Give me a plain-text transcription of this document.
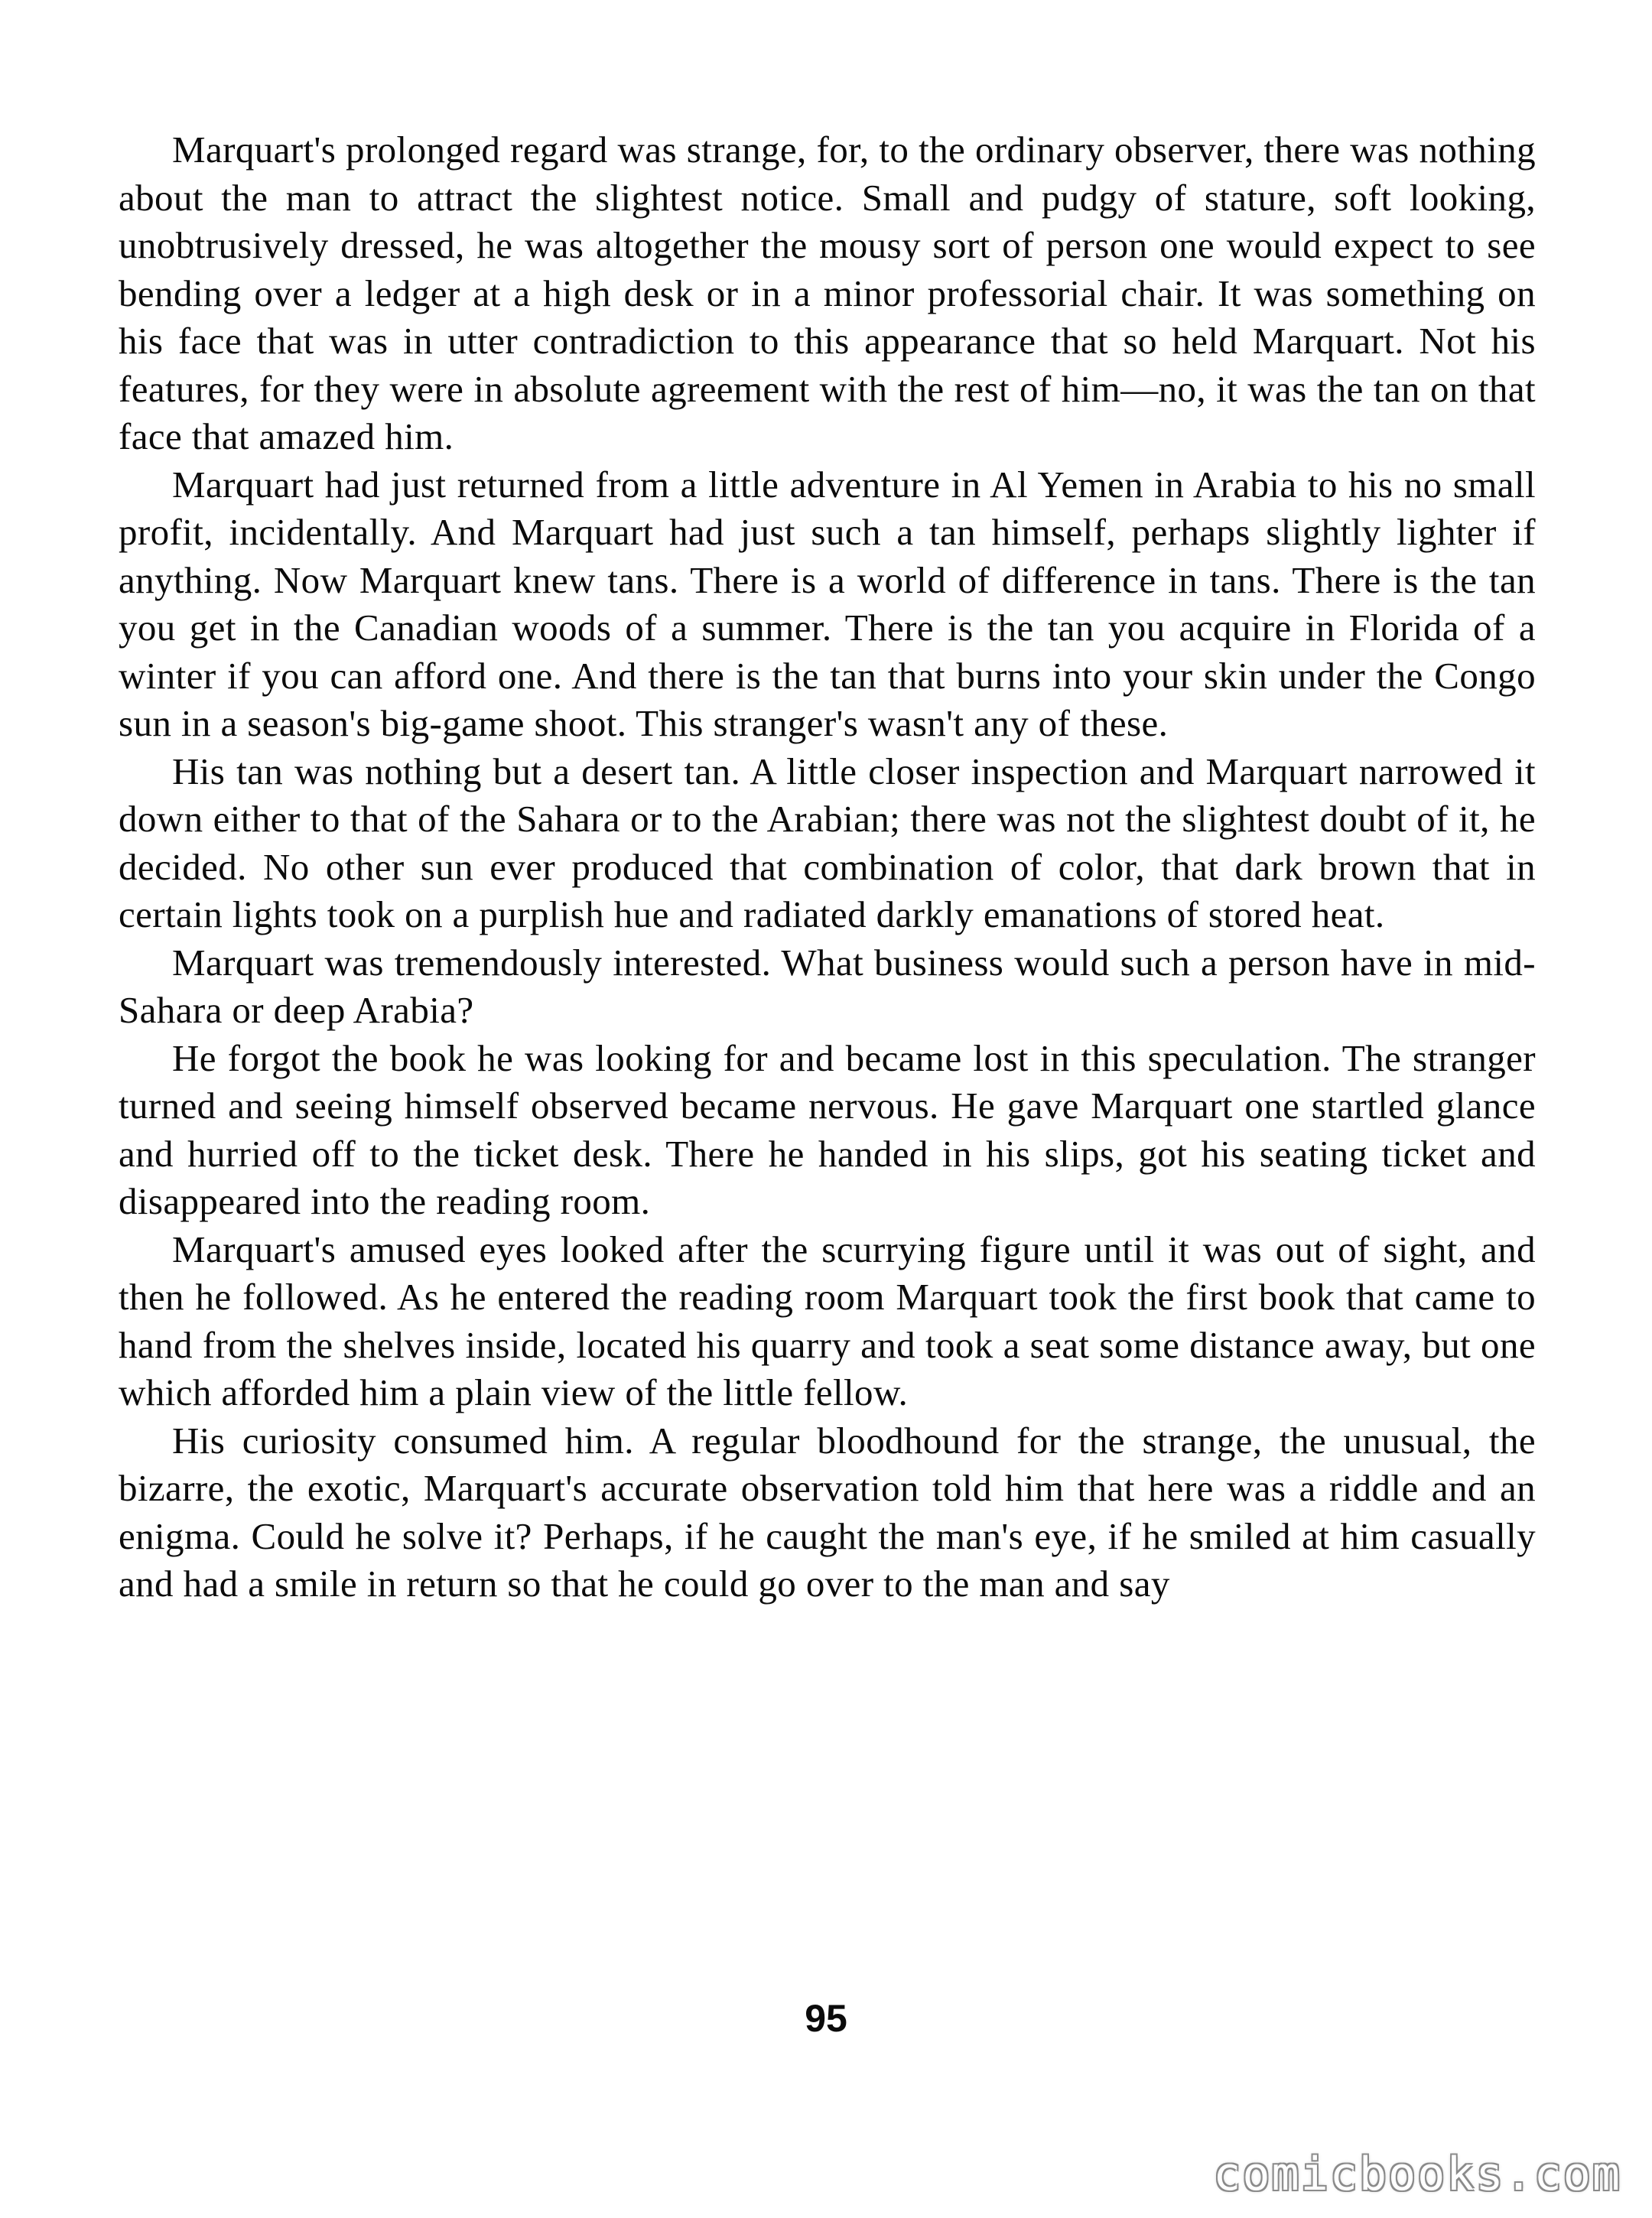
Marquart's prolonged regard was strange, for, to the ordinary observer, there was nothing about the man to attract the slightest notice. Small and pudgy of stature, soft looking, unobtrusively dressed, he was altogether the mousy sort of person one would expect to see bending over a ledger at a high desk or in a minor professorial chair. It was something on his face that was in utter contradiction to this appearance that so held Marquart. Not his features, for they were in absolute agreement with the rest of him—no, it was the tan on that face that amazed him.

Marquart had just returned from a little adventure in Al Yemen in Arabia to his no small profit, incidentally. And Marquart had just such a tan himself, perhaps slightly lighter if anything. Now Marquart knew tans. There is a world of difference in tans. There is the tan you get in the Canadian woods of a summer. There is the tan you acquire in Florida of a winter if you can afford one. And there is the tan that burns into your skin under the Congo sun in a season's big-game shoot. This stranger's wasn't any of these.

His tan was nothing but a desert tan. A little closer inspection and Marquart narrowed it down either to that of the Sahara or to the Arabian; there was not the slightest doubt of it, he decided. No other sun ever produced that combination of color, that dark brown that in certain lights took on a purplish hue and radiated darkly emanations of stored heat.

Marquart was tremendously interested. What business would such a person have in mid-Sahara or deep Arabia?

He forgot the book he was looking for and became lost in this speculation. The stranger turned and seeing himself observed became nervous. He gave Marquart one startled glance and hurried off to the ticket desk. There he handed in his slips, got his seating ticket and disappeared into the reading room.

Marquart's amused eyes looked after the scurrying figure until it was out of sight, and then he followed. As he entered the reading room Marquart took the first book that came to hand from the shelves inside, located his quarry and took a seat some distance away, but one which afforded him a plain view of the little fellow.

His curiosity consumed him. A regular bloodhound for the strange, the unusual, the bizarre, the exotic, Marquart's accurate observation told him that here was a riddle and an enigma. Could he solve it? Perhaps, if he caught the man's eye, if he smiled at him casually and had a smile in return so that he could go over to the man and say

95
comicbooks.com
